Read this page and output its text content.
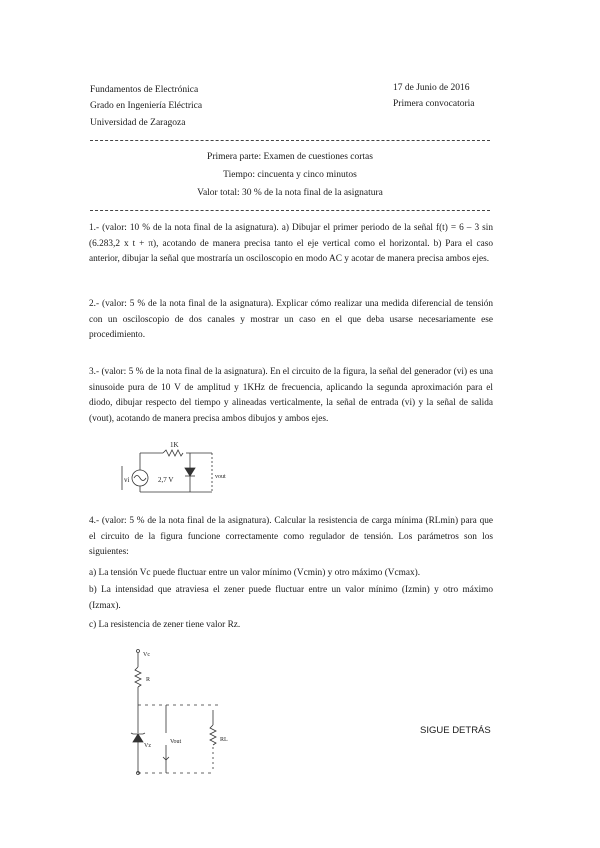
Fundamentos de Electrónica
Grado en Ingeniería Eléctrica
Universidad de Zaragoza
17 de Junio de 2016
Primera convocatoria
Primera parte: Examen de cuestiones cortas
Tiempo: cincuenta y cinco minutos
Valor total: 30 % de la nota final de la asignatura
1.- (valor: 10 % de la nota final de la asignatura). a) Dibujar el primer periodo de la señal f(t) = 6 – 3 sin (6.283,2 x t + π), acotando de manera precisa tanto el eje vertical como el horizontal. b) Para el caso anterior, dibujar la señal que mostraría un osciloscopio en modo AC y acotar de manera precisa ambos ejes.
2.- (valor: 5 % de la nota final de la asignatura). Explicar cómo realizar una medida diferencial de tensión con un osciloscopio de dos canales y mostrar un caso en el que deba usarse necesariamente ese procedimiento.
3.- (valor: 5 % de la nota final de la asignatura). En el circuito de la figura, la señal del generador (vi) es una sinusoide pura de 10 V de amplitud y 1KHz de frecuencia, aplicando la segunda aproximación para el diodo, dibujar respecto del tiempo y alineadas verticalmente, la señal de entrada (vi) y la señal de salida (vout), acotando de manera precisa ambos dibujos y ambos ejes.
1K
vi	2,7 V	vout
4.- (valor: 5 % de la nota final de la asignatura). Calcular la resistencia de carga mínima (RLmin) para que el circuito de la figura funcione correctamente como regulador de tensión. Los parámetros son los siguientes:
a) La tensión Vc puede fluctuar entre un valor mínimo (Vcmin) y otro máximo (Vcmax).
b) La intensidad que atraviesa el zener puede fluctuar entre un valor mínimo (Izmin) y otro máximo (Izmax).
c) La resistencia de zener tiene valor Rz.
Vc
R
Vz
Vout	RL
SIGUE DETRÁS
